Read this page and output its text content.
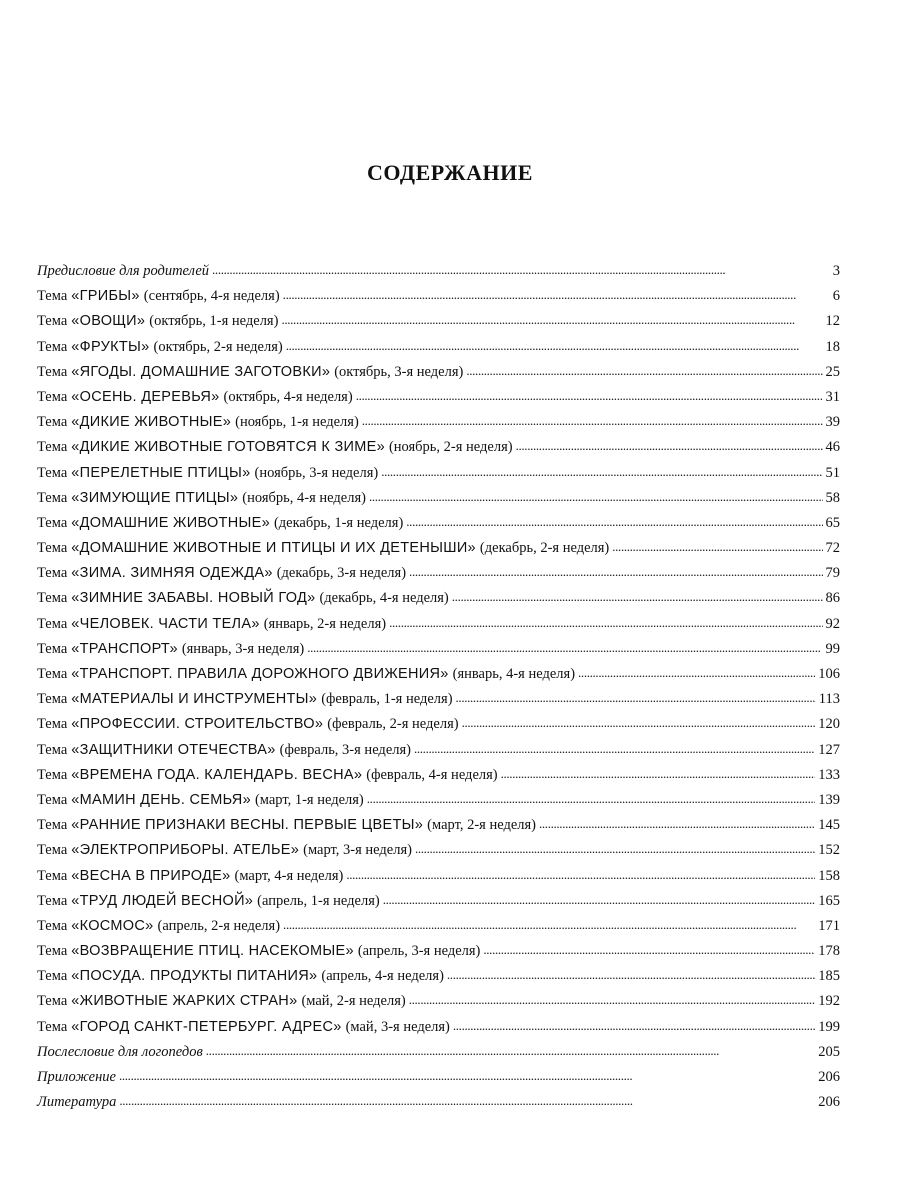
СОДЕРЖАНИЕ
Предисловие для родителей . . .	3
Тема «ГРИБЫ» (сентябрь, 4-я неделя) . . .	6
Тема «ОВОЩИ» (октябрь, 1-я неделя) . . .	12
Тема «ФРУКТЫ» (октябрь, 2-я неделя) . . .	18
Тема «ЯГОДЫ. ДОМАШНИЕ ЗАГОТОВКИ» (октябрь, 3-я неделя) . . .	25
Тема «ОСЕНЬ. ДЕРЕВЬЯ» (октябрь, 4-я неделя) . . .	31
Тема «ДИКИЕ ЖИВОТНЫЕ» (ноябрь, 1-я неделя) . . .	39
Тема «ДИКИЕ ЖИВОТНЫЕ ГОТОВЯТСЯ К ЗИМЕ» (ноябрь, 2-я неделя) . . .	46
Тема «ПЕРЕЛЕТНЫЕ ПТИЦЫ» (ноябрь, 3-я неделя) . . .	51
Тема «ЗИМУЮЩИЕ ПТИЦЫ» (ноябрь, 4-я неделя) . . .	58
Тема «ДОМАШНИЕ ЖИВОТНЫЕ» (декабрь, 1-я неделя) . . .	65
Тема «ДОМАШНИЕ ЖИВОТНЫЕ И ПТИЦЫ И ИХ ДЕТЕНЫШИ» (декабрь, 2-я неделя) . . .	72
Тема «ЗИМА. ЗИМНЯЯ ОДЕЖДА» (декабрь, 3-я неделя) . . .	79
Тема «ЗИМНИЕ ЗАБАВЫ. НОВЫЙ ГОД» (декабрь, 4-я неделя) . . .	86
Тема «ЧЕЛОВЕК. ЧАСТИ ТЕЛА» (январь, 2-я неделя) . . .	92
Тема «ТРАНСПОРТ» (январь, 3-я неделя) . . .	99
Тема «ТРАНСПОРТ. ПРАВИЛА ДОРОЖНОГО ДВИЖЕНИЯ» (январь, 4-я неделя) . . .	106
Тема «МАТЕРИАЛЫ И ИНСТРУМЕНТЫ» (февраль, 1-я неделя) . . .	113
Тема «ПРОФЕССИИ. СТРОИТЕЛЬСТВО» (февраль, 2-я неделя) . . .	120
Тема «ЗАЩИТНИКИ ОТЕЧЕСТВА» (февраль, 3-я неделя) . . .	127
Тема «ВРЕМЕНА ГОДА. КАЛЕНДАРЬ. ВЕСНА» (февраль, 4-я неделя) . . .	133
Тема «МАМИН ДЕНЬ. СЕМЬЯ» (март, 1-я неделя) . . .	139
Тема «РАННИЕ ПРИЗНАКИ ВЕСНЫ. ПЕРВЫЕ ЦВЕТЫ» (март, 2-я неделя) . . .	145
Тема «ЭЛЕКТРОПРИБОРЫ. АТЕЛЬЕ» (март, 3-я неделя) . . .	152
Тема «ВЕСНА В ПРИРОДЕ» (март, 4-я неделя) . . .	158
Тема «ТРУД ЛЮДЕЙ ВЕСНОЙ» (апрель, 1-я неделя) . . .	165
Тема «КОСМОС» (апрель, 2-я неделя) . . .	171
Тема «ВОЗВРАЩЕНИЕ ПТИЦ. НАСЕКОМЫЕ» (апрель, 3-я неделя) . . .	178
Тема «ПОСУДА. ПРОДУКТЫ ПИТАНИЯ» (апрель, 4-я неделя) . . .	185
Тема «ЖИВОТНЫЕ ЖАРКИХ СТРАН» (май, 2-я неделя) . . .	192
Тема «ГОРОД САНКТ-ПЕТЕРБУРГ. АДРЕС» (май, 3-я неделя) . . .	199
Послесловие для логопедов . . .	205
Приложение . . .	206
Литература . . .	206
